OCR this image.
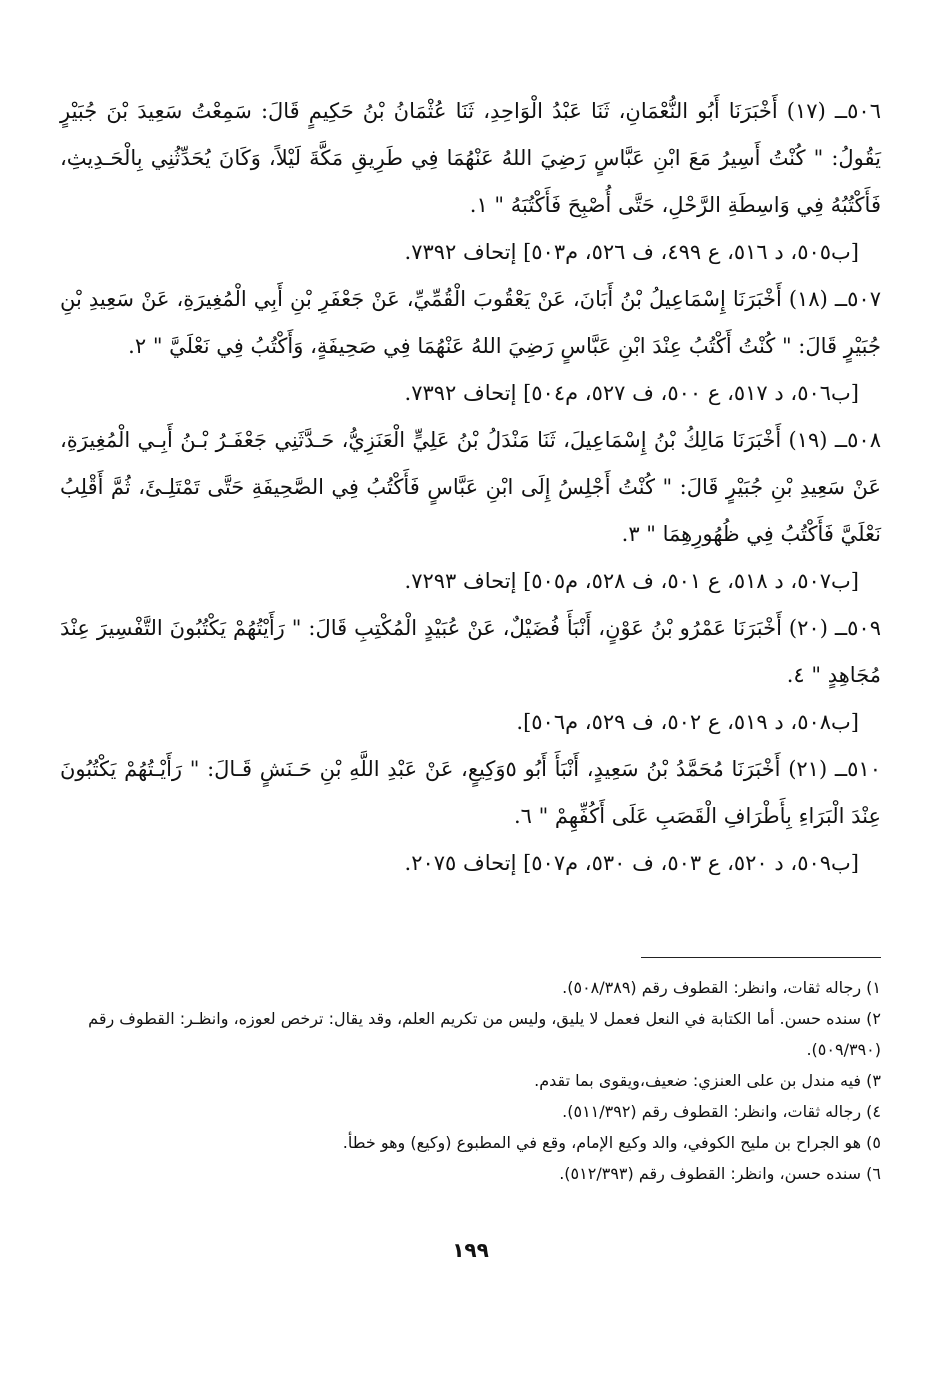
٥٠٦ــ (١٧) أَخْبَرَنَا أَبُو النُّعْمَانِ، ثَنَا عَبْدُ الْوَاحِدِ، ثَنَا عُثْمَانُ بْنُ حَكِيمٍ قَالَ: سَمِعْتُ سَعِيدَ بْنَ جُبَيْرٍ يَقُولُ: " كُنْتُ أَسِيرُ مَعَ ابْنِ عَبَّاسٍ رَضِيَ اللهُ عَنْهُمَا فِي طَرِيقِ مَكَّةَ لَيْلاً، وَكَانَ يُحَدِّثُنِي بِالْحَـدِيثِ، فَأَكْتُبُهُ فِي وَاسِطَةِ الرَّحْلِ، حَتَّى أُصْبِحَ فَأَكْتُبَهُ " ١.

[ب٥٠٥، د ٥١٦، ع ٤٩٩، ف ٥٢٦، م٥٠٣] إتحاف ٧٣٩٢.

٥٠٧ــ (١٨) أَخْبَرَنَا إِسْمَاعِيلُ بْنُ أَبَانَ، عَنْ يَعْقُوبَ الْقُمِّيِّ، عَنْ جَعْفَرِ بْنِ أَبِي الْمُغِيرَةِ، عَنْ سَعِيدِ بْنِ جُبَيْرٍ قَالَ: " كُنْتُ أَكْتُبُ عِنْدَ ابْنِ عَبَّاسٍ رَضِيَ اللهُ عَنْهُمَا فِي صَحِيفَةٍ، وَأَكْتُبُ فِي نَعْلَيَّ " ٢.

[ب٥٠٦، د ٥١٧، ع ٥٠٠، ف ٥٢٧، م٥٠٤] إتحاف ٧٣٩٢.

٥٠٨ــ (١٩) أَخْبَرَنَا مَالِكُ بْنُ إِسْمَاعِيلَ، ثَنَا مَنْدَلُ بْنُ عَلِيٍّ الْعَنَزِيُّ، حَـدَّثَنِي جَعْفَـرُ بْـنُ أَبِـي الْمُغِيرَةِ، عَنْ سَعِيدِ بْنِ جُبَيْرٍ قَالَ: " كُنْتُ أَجْلِسُ إِلَى ابْنِ عَبَّاسٍ فَأَكْتُبُ فِي الصَّحِيفَةِ حَتَّى تَمْتَلِـئَ، ثُمَّ أَقْلِبُ نَعْلَيَّ فَأَكْتُبُ فِي ظُهُورِهِمَا " ٣.

[ب٥٠٧، د ٥١٨، ع ٥٠١، ف ٥٢٨، م٥٠٥] إتحاف ٧٢٩٣.

٥٠٩ــ (٢٠) أَخْبَرَنَا عَمْرُو بْنُ عَوْنٍ، أَنْبَأَ فُضَيْلٌ، عَنْ عُبَيْدٍ الْمُكْتِبِ قَالَ: " رَأَيْتُهُمْ يَكْتُبُونَ التَّفْسِيرَ عِنْدَ مُجَاهِدٍ " ٤.

[ب٥٠٨، د ٥١٩، ع ٥٠٢، ف ٥٢٩، م٥٠٦].

٥١٠ــ (٢١) أَخْبَرَنَا مُحَمَّدُ بْنُ سَعِيدٍ، أَنْبَأَ أَبُو ٥وَكِيعٍ، عَنْ عَبْدِ اللَّهِ بْنِ حَـنَشٍ قَـالَ: " رَأَيْـتُهُمْ يَكْتُبُونَ عِنْدَ الْبَرَاءِ بِأَطْرَافِ الْقَصَبِ عَلَى أَكُفِّهِمْ " ٦.

[ب٥٠٩، د ٥٢٠، ع ٥٠٣، ف ٥٣٠، م٥٠٧] إتحاف ٢٠٧٥.

١) رجاله ثقات، وانظر: القطوف رقم (٥٠٨/٣٨٩).

٢) سنده حسن. أما الكتابة في النعل فعمل لا يليق، وليس من تكريم العلم، وقد يقال: ترخص لعوزه، وانظـر: القطوف رقم (٥٠٩/٣٩٠).

٣) فيه مندل بن على العنزي: ضعيف،ويقوى بما تقدم.

٤) رجاله ثقات، وانظر: القطوف رقم (٥١١/٣٩٢).

٥) هو الجراح بن مليح الكوفي، والد وكيع الإمام، وقع في المطبوع (وكيع) وهو خطأ.

٦) سنده حسن، وانظر: القطوف رقم (٥١٢/٣٩٣).

١٩٩
